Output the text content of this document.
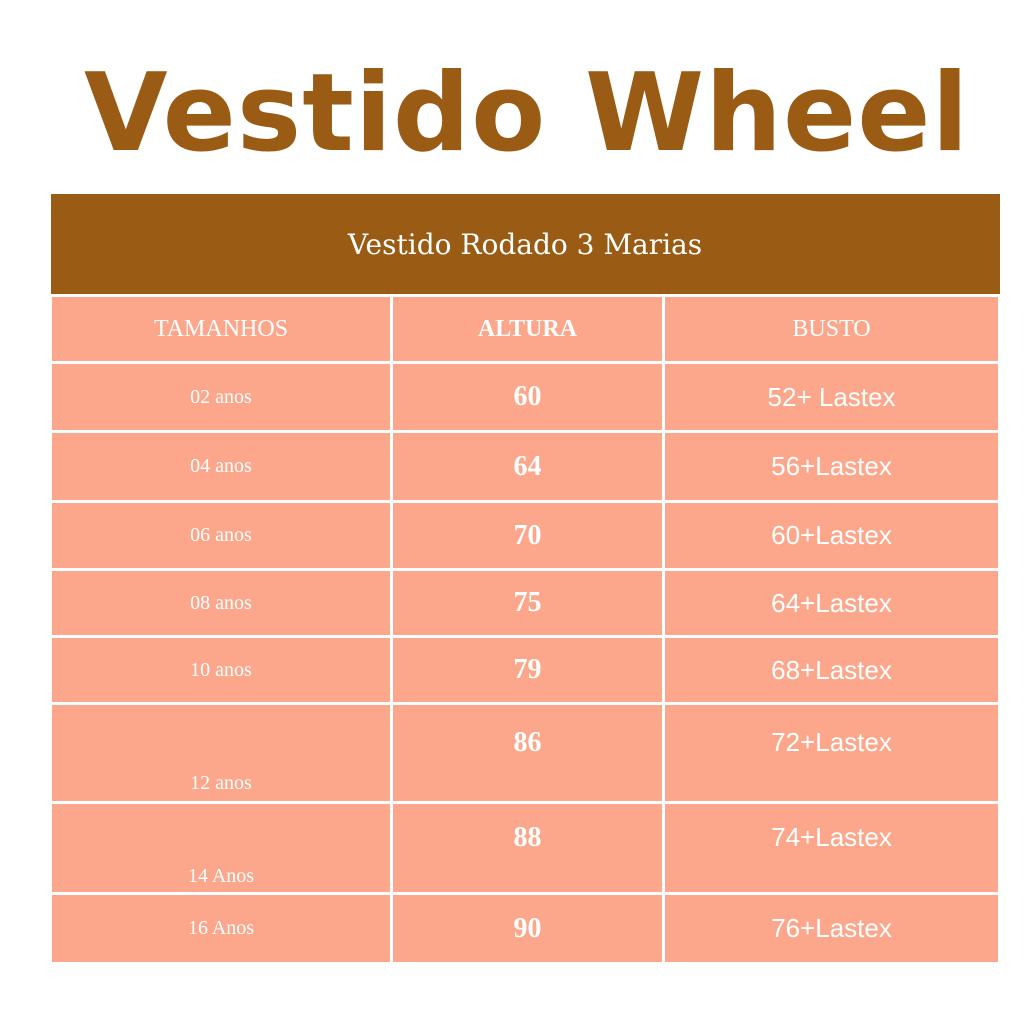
Vestido Wheel
Vestido Rodado 3 Marias		
TAMANHOS	ALTURA	BUSTO
02 anos	60	52+ Lastex
04 anos	64	56+Lastex
06 anos	70	60+Lastex
08 anos	75	64+Lastex
10 anos	79	68+Lastex
12 anos	86	72+Lastex
14 Anos	88	74+Lastex
16 Anos	90	76+Lastex
